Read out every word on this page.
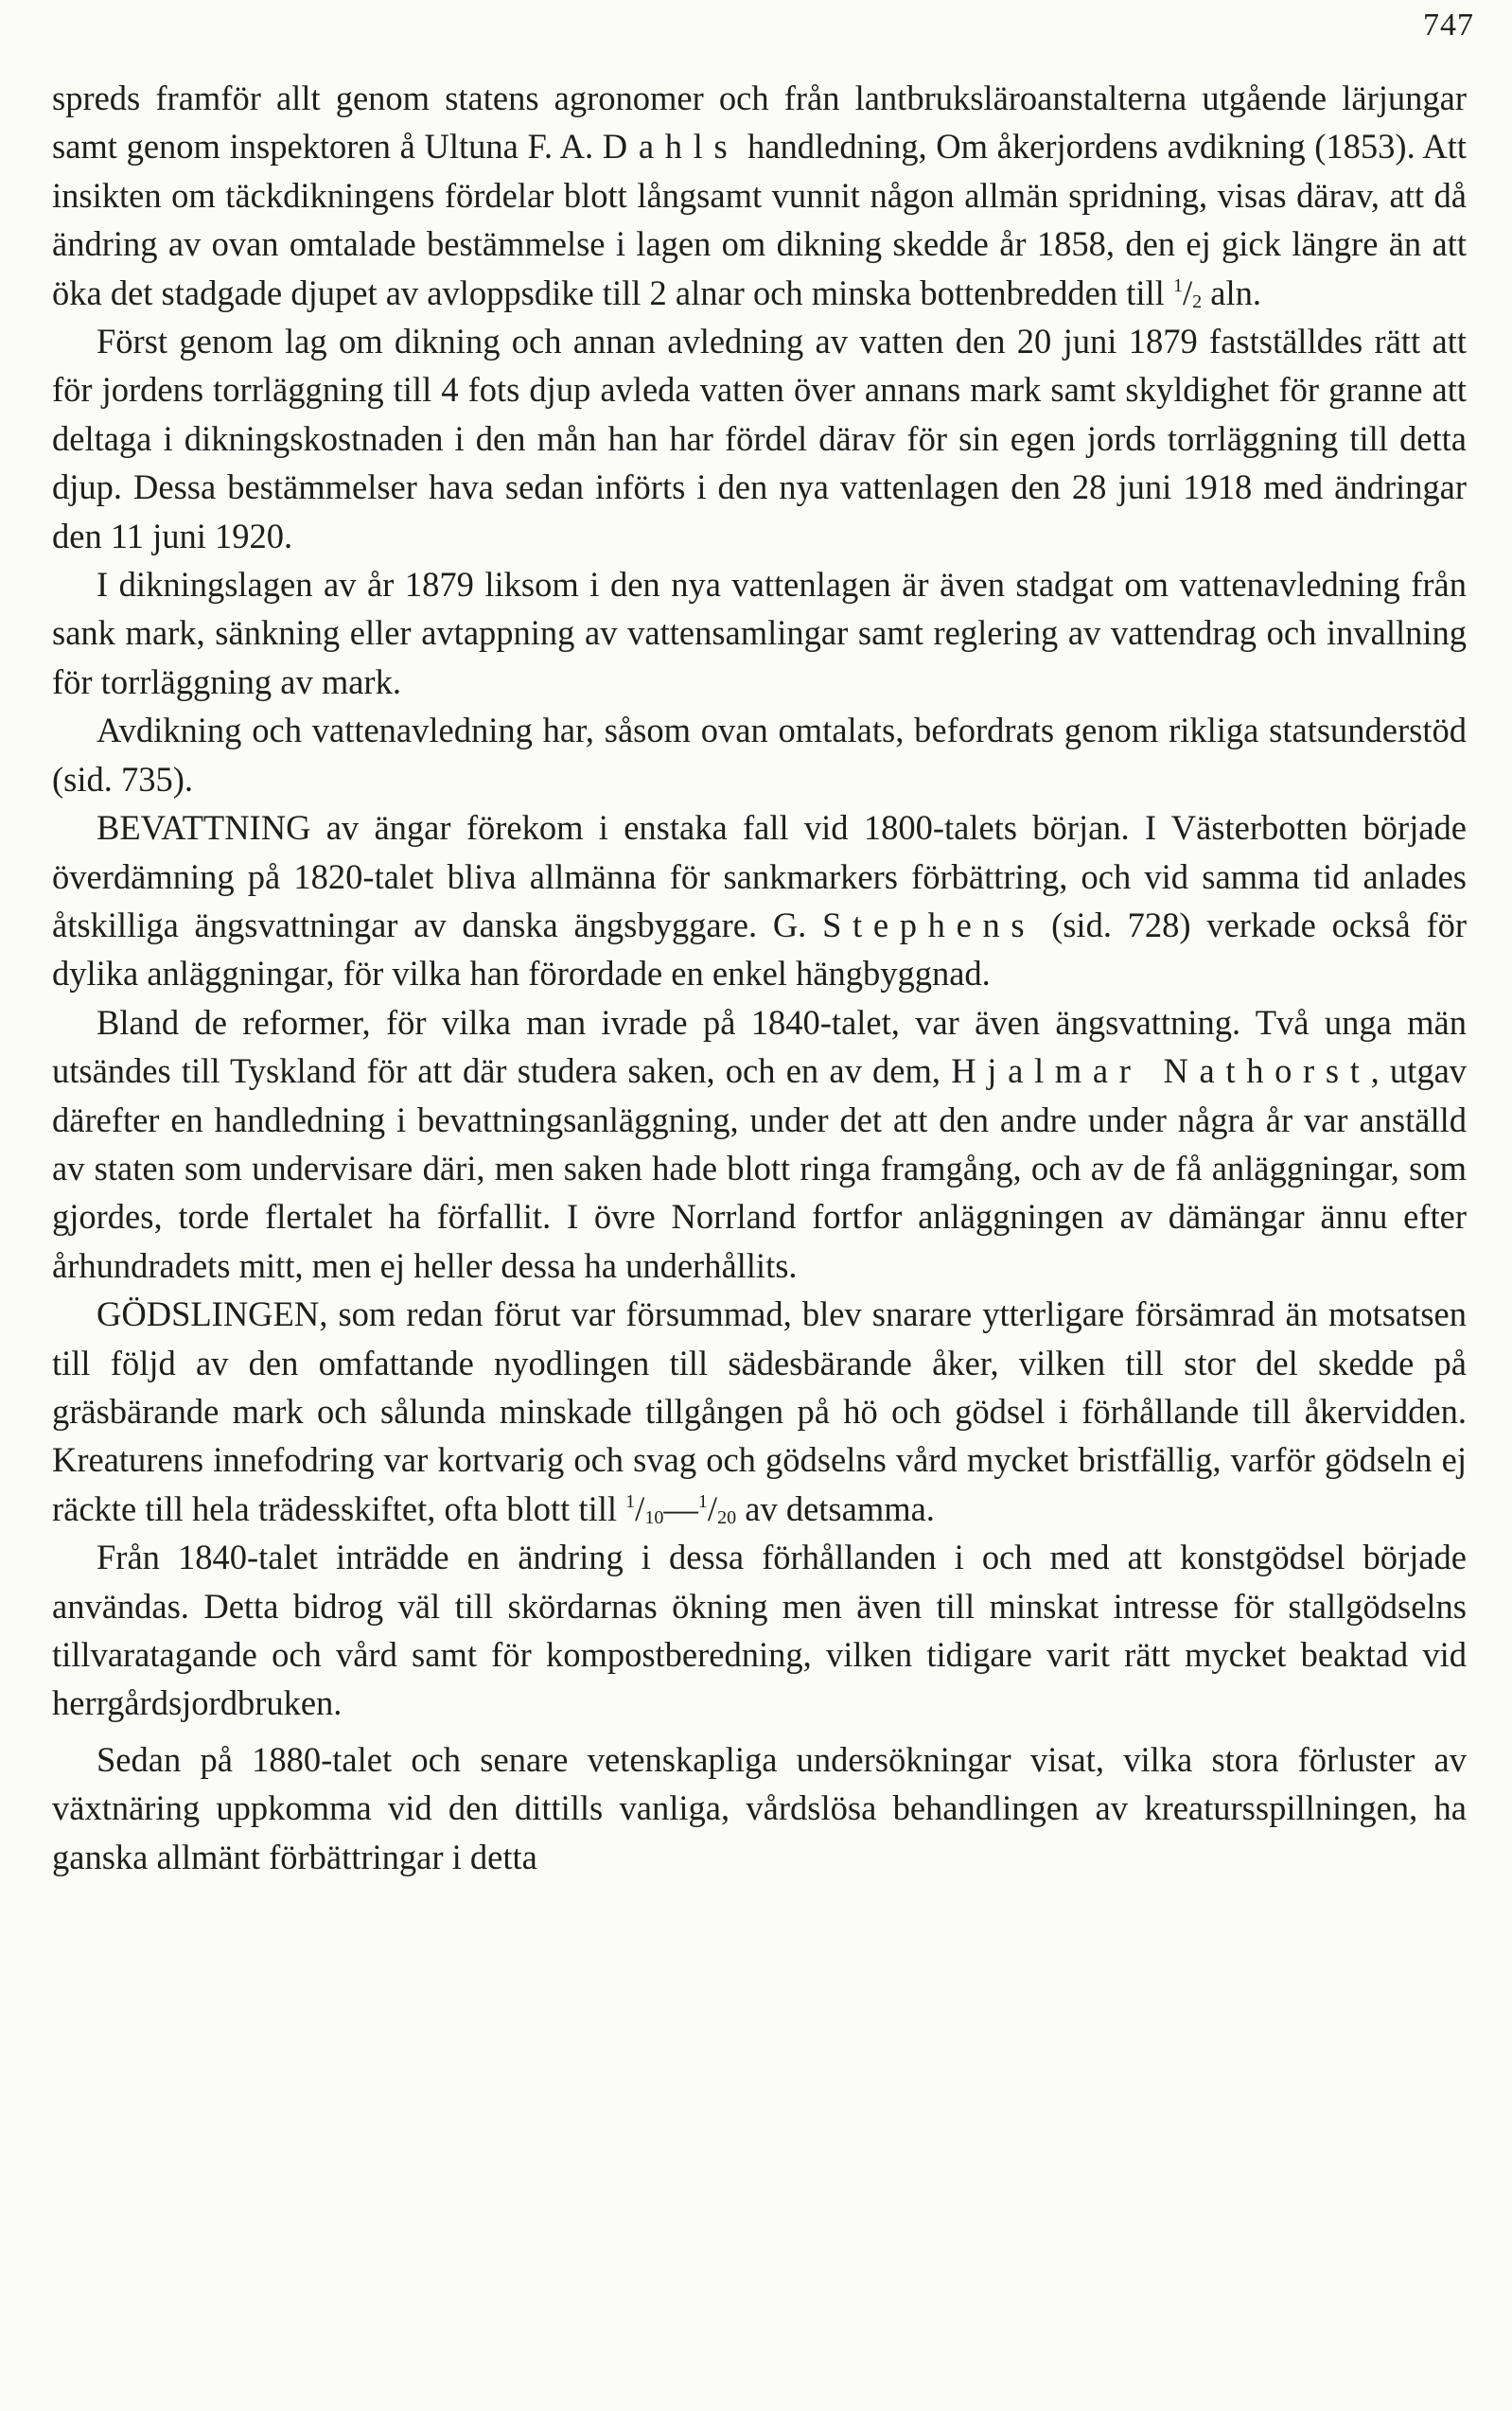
747

spreds framför allt genom statens agronomer och från lantbruksläroanstalterna utgående lärjungar samt genom inspektoren å Ultuna F. A. Dahls handledning, Om åkerjordens avdikning (1853). Att insikten om täckdikningens fördelar blott långsamt vunnit någon allmän spridning, visas därav, att då ändring av ovan omtalade bestämmelse i lagen om dikning skedde år 1858, den ej gick längre än att öka det stadgade djupet av avloppsdike till 2 alnar och minska bottenbredden till $^1/_2$ aln.

Först genom lag om dikning och annan avledning av vatten den 20 juni 1879 fastställdes rätt att för jordens torrläggning till 4 fots djup avleda vatten över annans mark samt skyldighet för granne att deltaga i dikningskostnaden i den mån han har fördel därav för sin egen jords torrläggning till detta djup. Dessa bestämmelser hava sedan införts i den nya vattenlagen den 28 juni 1918 med ändringar den 11 juni 1920.

I dikningslagen av år 1879 liksom i den nya vattenlagen är även stadgat om vattenavledning från sank mark, sänkning eller avtappning av vattensamlingar samt reglering av vattendrag och invallning för torrläggning av mark.

Avdikning och vattenavledning har, såsom ovan omtalats, befordrats genom rikliga statsunderstöd (sid. 735).

BEVATTNING av ängar förekom i enstaka fall vid 1800-talets början. I Västerbotten började överdämning på 1820-talet bliva allmänna för sankmarkers förbättring, och vid samma tid anlades åtskilliga ängsvattningar av danska ängsbyggare. G. Stephens (sid. 728) verkade också för dylika anläggningar, för vilka han förordade en enkel hängbyggnad.

Bland de reformer, för vilka man ivrade på 1840-talet, var även ängsvattning. Två unga män utsändes till Tyskland för att där studera saken, och en av dem, Hjalmar Nathorst, utgav därefter en handledning i bevattningsanläggning, under det att den andre under några år var anställd av staten som undervisare däri, men saken hade blott ringa framgång, och av de få anläggningar, som gjordes, torde flertalet ha förfallit. I övre Norrland fortfor anläggningen av dämängar ännu efter århundradets mitt, men ej heller dessa ha underhållits.

GÖDSLINGEN, som redan förut var försummad, blev snarare ytterligare försämrad än motsatsen till följd av den omfattande nyodlingen till sädesbärande åker, vilken till stor del skedde på gräsbärande mark och sålunda minskade tillgången på hö och gödsel i förhållande till åkervidden. Kreaturens innefodring var kortvarig och svag och gödselns vård mycket bristfällig, varför gödseln ej räckte till hela trädesskiftet, ofta blott till $^1/_{10}—^1/_{20}$ av detsamma.

Från 1840-talet inträdde en ändring i dessa förhållanden i och med att konstgödsel började användas. Detta bidrog väl till skördarnas ökning men även till minskat intresse för stallgödselns tillvaratagande och vård samt för kompostberedning, vilken tidigare varit rätt mycket beaktad vid herrgårdsjordbruken.

Sedan på 1880-talet och senare vetenskapliga undersökningar visat, vilka stora förluster av växtnäring uppkomma vid den dittills vanliga, vårdslösa behandlingen av kreatursspillningen, ha ganska allmänt förbättringar i detta
